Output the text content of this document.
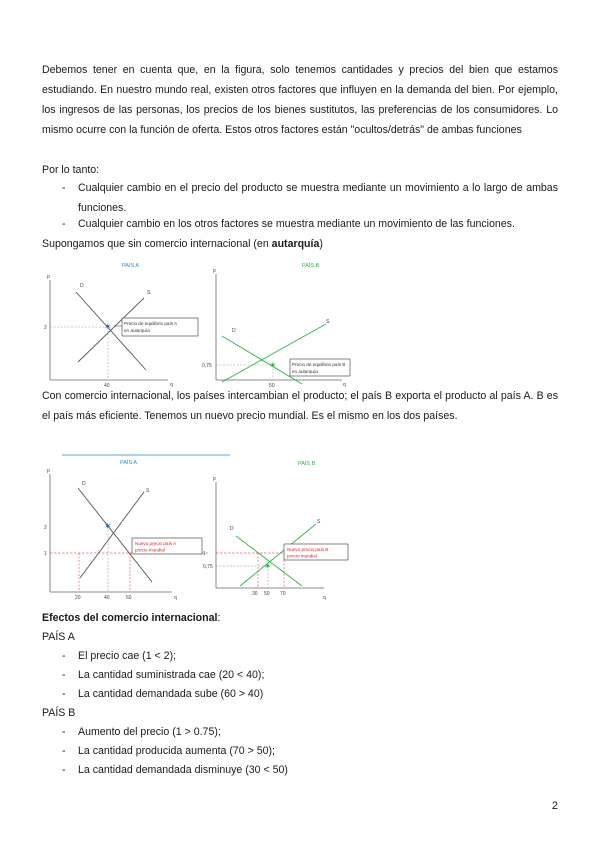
Debemos tener en cuenta que, en la figura, solo tenemos cantidades y precios del bien que estamos estudiando. En nuestro mundo real, existen otros factores que influyen en la demanda del bien. Por ejemplo, los ingresos de las personas, los precios de los bienes sustitutos, las preferencias de los consumidores. Lo mismo ocurre con la función de oferta. Estos otros factores están "ocultos/detrás" de ambas funciones
Por lo tanto:
- Cualquier cambio en el precio del producto se muestra mediante un movimiento a lo largo de ambas funciones.
- Cualquier cambio en los otros factores se muestra mediante un movimiento de las funciones.
Supongamos que sin comercio internacional (en autarquía)
PAÍS A
p
q
D
S
2
40
✶	Precio de equilibrio país A
en autarquía
PAÍS B
p
q
D
S
0,75
50
✶	Precio de equilibrio país B
en autarquía
Con comercio internacional, los países intercambian el producto; el país B exporta el producto al país A. B es el país más eficiente. Tenemos un nuevo precio mundial. Es el mismo en los dos países.
PAÍS A
p
q
D
S
2
1
20	40	60
✶
Nuevo precio país A
precio mundial
PAÍS B
p
q
D
S
1
0,75
30 50 70
✶
Nuevo precio país B
precio mundial
Efectos del comercio internacional:
PAÍS A
- El precio cae (1 < 2);
- La cantidad suministrada cae (20 < 40);
- La cantidad demandada sube (60 > 40)
PAÍS B
- Aumento del precio (1 > 0.75);
- La cantidad producida aumenta (70 > 50);
- La cantidad demandada disminuye (30 < 50)
2
